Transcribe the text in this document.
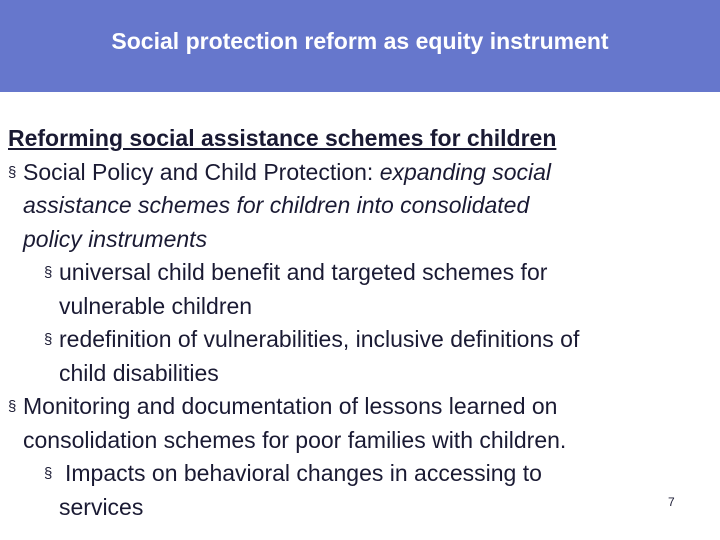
Social protection reform as equity instrument
Reforming social assistance schemes for children
§ Social Policy and Child Protection: expanding social
assistance schemes for children into consolidated
policy instruments
§ universal child benefit and targeted schemes for
vulnerable children
§ redefinition of vulnerabilities, inclusive definitions of
child disabilities
§ Monitoring and documentation of lessons learned on
consolidation schemes for poor families with children.
§ Impacts on behavioral changes in accessing to
services	7
